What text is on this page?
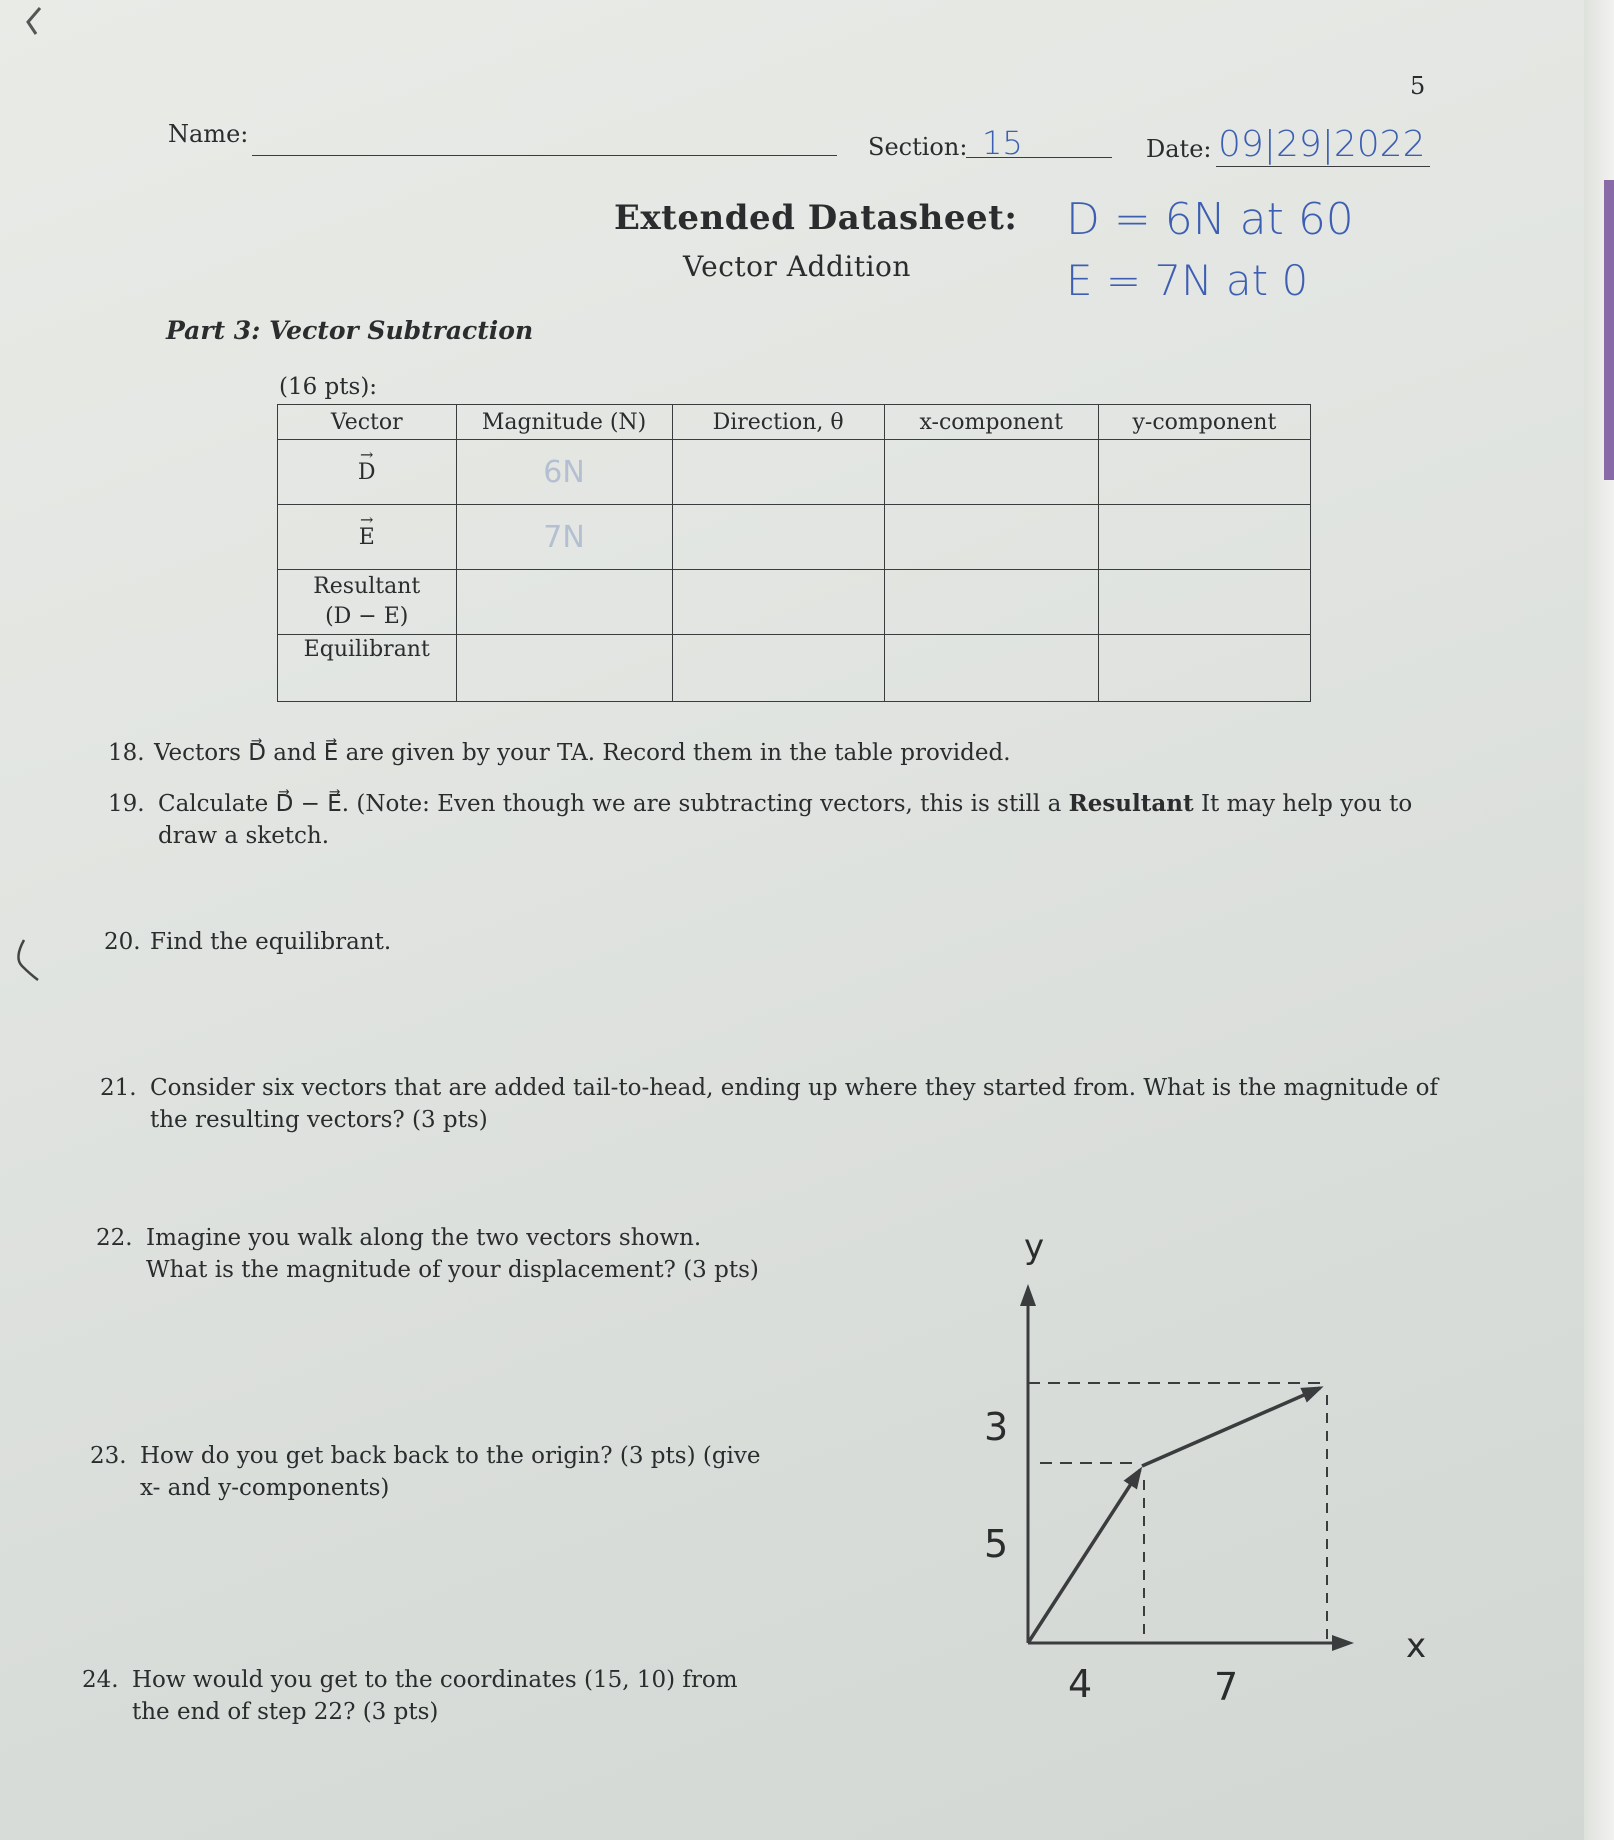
5
Name:	Section: 15	Date: 09|29|2022
Extended Datasheet:
Vector Addition
D = 6N at 60
E = 7N at 0
Part 3: Vector Subtraction
(16 pts):
Vector	Magnitude (N)	Direction, θ	x-component	y-component
→ D	6N			
→ E	7N			

Resultant
(D − E)				

Equilibrant				
18. Vectors D⃗ and E⃗ are given by your TA. Record them in the table provided.
19. Calculate D⃗ − E⃗. (Note: Even though we are subtracting vectors, this is still a Resultant It may help you to draw a sketch.
20. Find the equilibrant.
21. Consider six vectors that are added tail-to-head, ending up where they started from. What is the magnitude of the resulting vectors? (3 pts)
22. Imagine you walk along the two vectors shown. What is the magnitude of your displacement? (3 pts)
23. How do you get back back to the origin? (3 pts) (give x- and y-components)
24. How would you get to the coordinates (15, 10) from the end of step 22? (3 pts)
y
x
3
5
4	7
